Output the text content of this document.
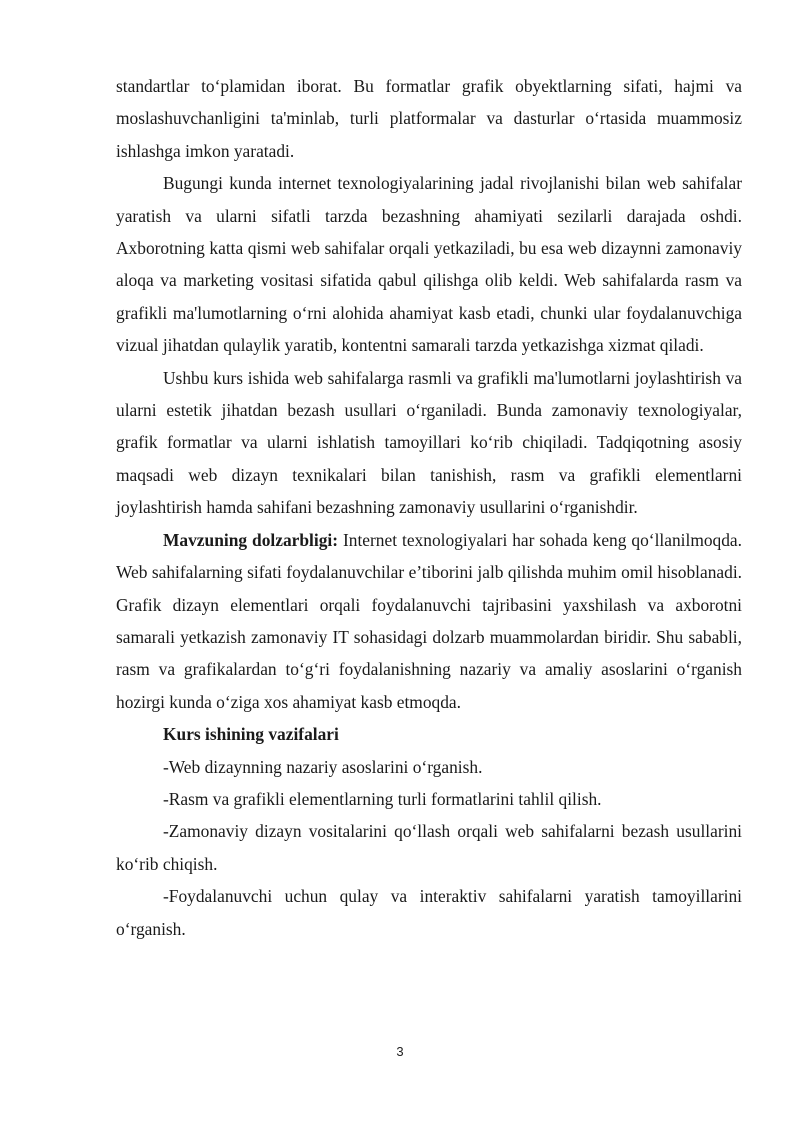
standartlar to‘plamidan iborat. Bu formatlar grafik obyektlarning sifati, hajmi va moslashuvchanligini ta'minlab, turli platformalar va dasturlar o‘rtasida muammosiz ishlashga imkon yaratadi.

Bugungi kunda internet texnologiyalarining jadal rivojlanishi bilan web sahifalar yaratish va ularni sifatli tarzda bezashning ahamiyati sezilarli darajada oshdi. Axborotning katta qismi web sahifalar orqali yetkaziladi, bu esa web dizaynni zamonaviy aloqa va marketing vositasi sifatida qabul qilishga olib keldi. Web sahifalarda rasm va grafikli ma'lumotlarning o‘rni alohida ahamiyat kasb etadi, chunki ular foydalanuvchiga vizual jihatdan qulaylik yaratib, kontentni samarali tarzda yetkazishga xizmat qiladi.

Ushbu kurs ishida web sahifalarga rasmli va grafikli ma'lumotlarni joylashtirish va ularni estetik jihatdan bezash usullari o‘rganiladi. Bunda zamonaviy texnologiyalar, grafik formatlar va ularni ishlatish tamoyillari ko‘rib chiqiladi. Tadqiqotning asosiy maqsadi web dizayn texnikalari bilan tanishish, rasm va grafikli elementlarni joylashtirish hamda sahifani bezashning zamonaviy usullarini o‘rganishdir.

Mavzuning dolzarbligi: Internet texnologiyalari har sohada keng qo‘llanilmoqda. Web sahifalarning sifati foydalanuvchilar e’tiborini jalb qilishda muhim omil hisoblanadi. Grafik dizayn elementlari orqali foydalanuvchi tajribasini yaxshilash va axborotni samarali yetkazish zamonaviy IT sohasidagi dolzarb muammolardan biridir. Shu sababli, rasm va grafikalardan to‘g‘ri foydalanishning nazariy va amaliy asoslarini o‘rganish hozirgi kunda o‘ziga xos ahamiyat kasb etmoqda.

Kurs ishining vazifalari

-Web dizaynning nazariy asoslarini o‘rganish.

-Rasm va grafikli elementlarning turli formatlarini tahlil qilish.

-Zamonaviy dizayn vositalarini qo‘llash orqali web sahifalarni bezash usullarini ko‘rib chiqish.

-Foydalanuvchi uchun qulay va interaktiv sahifalarni yaratish tamoyillarini o‘rganish.

3
